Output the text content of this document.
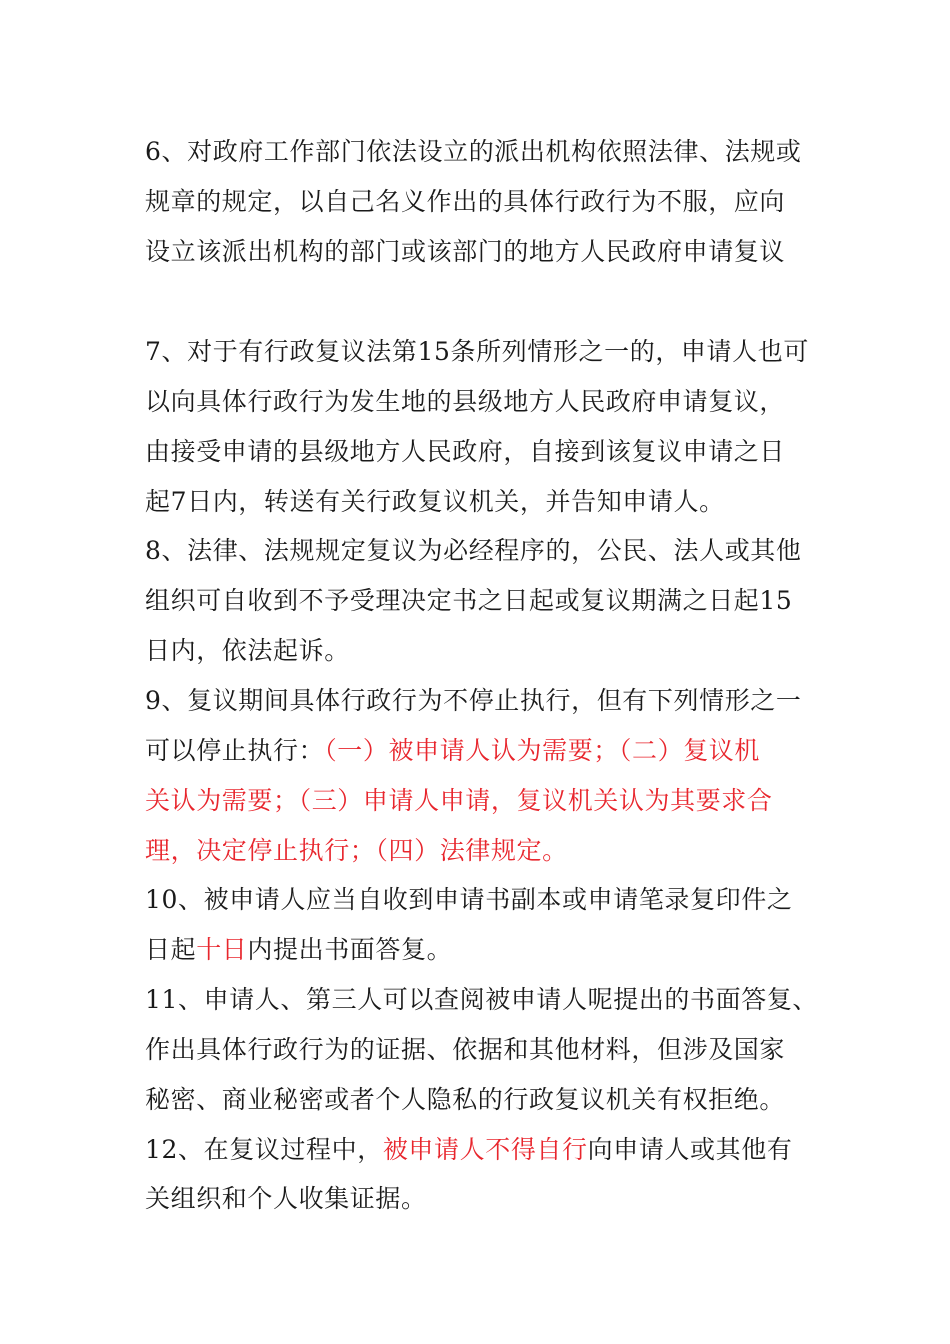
6、对政府工作部门依法设立的派出机构依照法律、法规或
规章的规定，以自己名义作出的具体行政行为不服，应向
设立该派出机构的部门或该部门的地方人民政府申请复议
7、对于有行政复议法第15条所列情形之一的，申请人也可
以向具体行政行为发生地的县级地方人民政府申请复议，
由接受申请的县级地方人民政府，自接到该复议申请之日
起7日内，转送有关行政复议机关，并告知申请人。
8、法律、法规规定复议为必经程序的，公民、法人或其他
组织可自收到不予受理决定书之日起或复议期满之日起15
日内，依法起诉。
9、复议期间具体行政行为不停止执行，但有下列情形之一
可以停止执行：（一）被申请人认为需要；（二）复议机
关认为需要；（三）申请人申请，复议机关认为其要求合
理，决定停止执行；（四）法律规定。
10、被申请人应当自收到申请书副本或申请笔录复印件之
日起十日内提出书面答复。
11、申请人、第三人可以查阅被申请人呢提出的书面答复、
作出具体行政行为的证据、依据和其他材料，但涉及国家
秘密、商业秘密或者个人隐私的行政复议机关有权拒绝。
12、在复议过程中，被申请人不得自行向申请人或其他有
关组织和个人收集证据。
